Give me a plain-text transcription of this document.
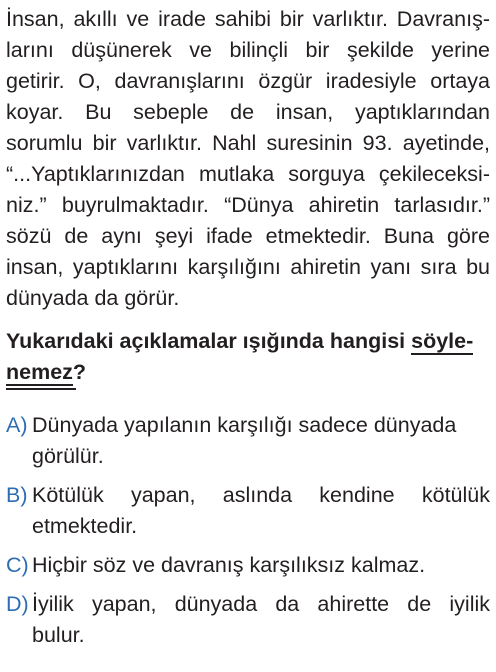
İnsan, akıllı ve irade sahibi bir varlıktır. Davranış-
larını düşünerek ve bilinçli bir şekilde yerine
getirir. O, davranışlarını özgür iradesiyle ortaya
koyar. Bu sebeple de insan, yaptıklarından
sorumlu bir varlıktır. Nahl suresinin 93. ayetinde,
“...Yaptıklarınızdan mutlaka sorguya çekileceksi-
niz.” buyrulmaktadır. “Dünya ahiretin tarlasıdır.”
sözü de aynı şeyi ifade etmektedir. Buna göre
insan, yaptıklarını karşılığını ahiretin yanı sıra bu
dünyada da görür.
Yukarıdaki açıklamalar ışığında hangisi söyle-
nemez?
A) Dünyada yapılanın karşılığı sadece dünyada
görülür.
B) Kötülük yapan, aslında kendine kötülük
etmektedir.
C) Hiçbir söz ve davranış karşılıksız kalmaz.
D) İyilik yapan, dünyada da ahirette de iyilik
bulur.
